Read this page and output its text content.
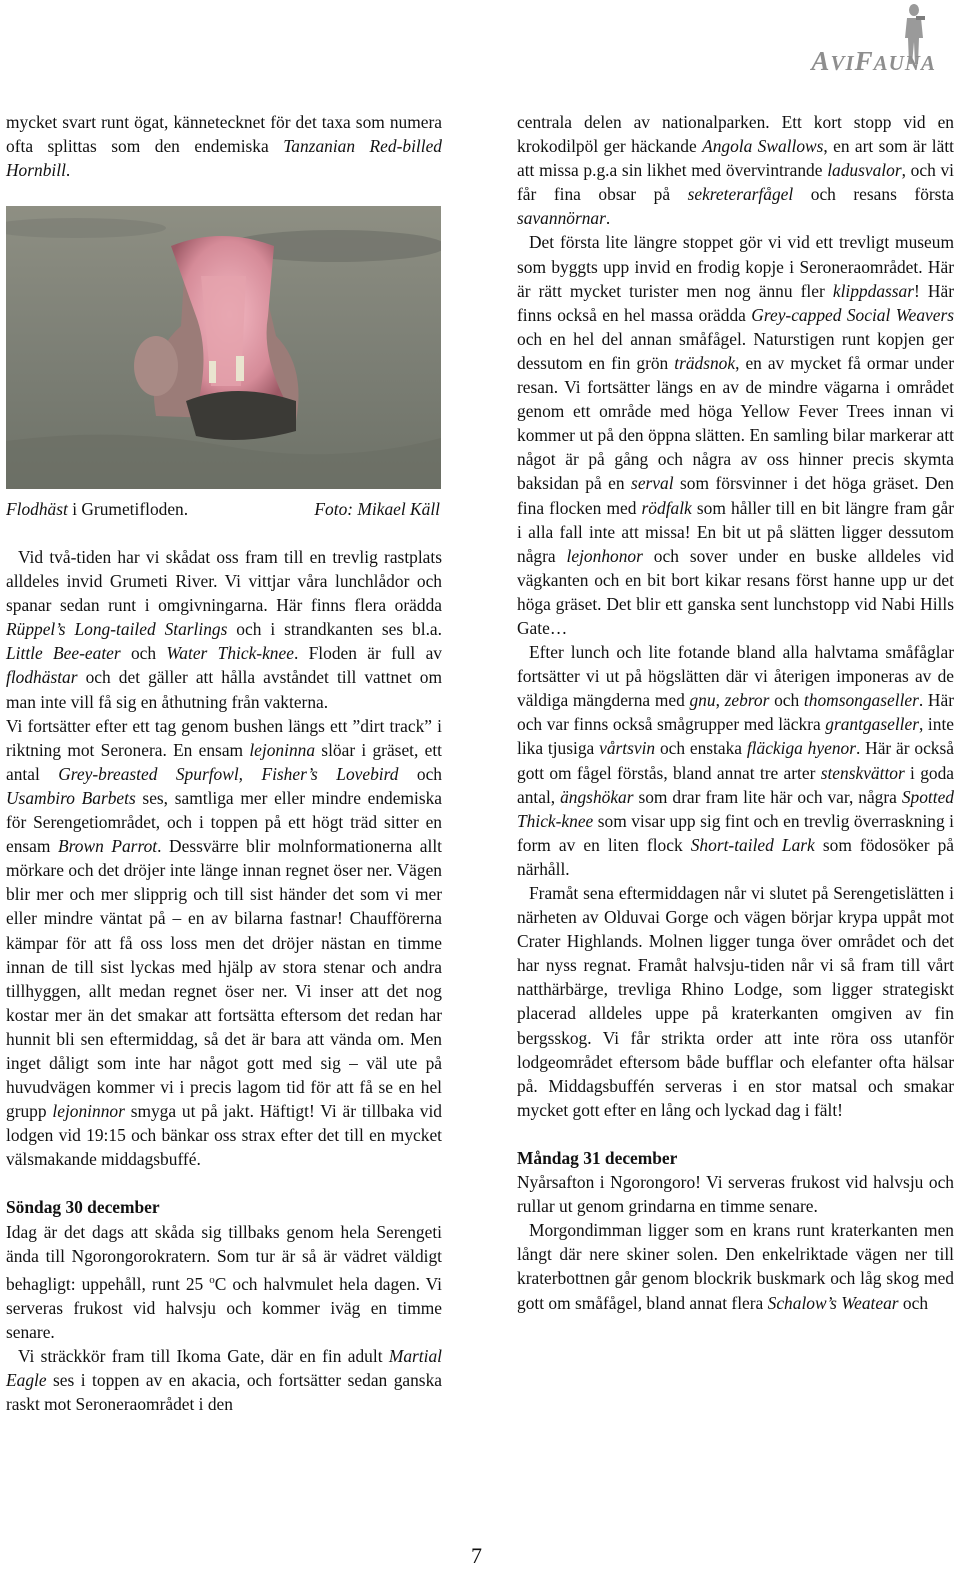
AVIFAUNA

mycket svart runt ögat, kännetecknet för det taxa som numera ofta splittas som den endemiska Tanzanian Red-billed Hornbill.

Flodhäst i Grumetifloden.	Foto: Mikael Käll

Vid två-tiden har vi skådat oss fram till en trevlig rastplats alldeles invid Grumeti River. Vi vittjar våra lunchlådor och spanar sedan runt i omgivningarna. Här finns flera orädda Rüppel’s Long-tailed Starlings och i strandkanten ses bl.a. Little Bee-eater och Water Thick-knee. Floden är full av flodhästar och det gäller att hålla avståndet till vattnet om man inte vill få sig en åthutning från vakterna.

Vi fortsätter efter ett tag genom bushen längs ett ”dirt track” i riktning mot Seronera. En ensam lejoninna slöar i gräset, ett antal Grey-breasted Spurfowl, Fisher’s Lovebird och Usambiro Barbets ses, samtliga mer eller mindre endemiska för Serengetiområdet, och i toppen på ett högt träd sitter en ensam Brown Parrot. Dessvärre blir molnformationerna allt mörkare och det dröjer inte länge innan regnet öser ner. Vägen blir mer och mer slipprig och till sist händer det som vi mer eller mindre väntat på – en av bilarna fastnar! Chaufförerna kämpar för att få oss loss men det dröjer nästan en timme innan de till sist lyckas med hjälp av stora stenar och andra tillhyggen, allt medan regnet öser ner. Vi inser att det nog kostar mer än det smakar att fortsätta eftersom det redan har hunnit bli sen eftermiddag, så det är bara att vända om. Men inget dåligt som inte har något gott med sig – väl ute på huvudvägen kommer vi i precis lagom tid för att få se en hel grupp lejoninnor smyga ut på jakt. Häftigt! Vi är tillbaka vid lodgen vid 19:15 och bänkar oss strax efter det till en mycket välsmakande middagsbuffé.

Söndag 30 december

Idag är det dags att skåda sig tillbaks genom hela Serengeti ända till Ngorongorokratern. Som tur är så är vädret väldigt behagligt: uppehåll, runt 25 $^o$C och halvmulet hela dagen. Vi serveras frukost vid halvsju och kommer iväg en timme senare.

Vi sträckkör fram till Ikoma Gate, där en fin adult Martial Eagle ses i toppen av en akacia, och fortsätter sedan ganska raskt mot Seroneraområdet i den

centrala delen av nationalparken. Ett kort stopp vid en krokodilpöl ger häckande Angola Swallows, en art som är lätt att missa p.g.a sin likhet med övervintrande ladusvalor, och vi får fina obsar på sekreterarfågel och resans första savannörnar.

Det första lite längre stoppet gör vi vid ett trevligt museum som byggts upp invid en frodig kopje i Seroneraområdet. Här är rätt mycket turister men nog ännu fler klippdassar! Här finns också en hel massa orädda Grey-capped Social Weavers och en hel del annan småfågel. Naturstigen runt kopjen ger dessutom en fin grön trädsnok, en av mycket få ormar under resan. Vi fortsätter längs en av de mindre vägarna i området genom ett område med höga Yellow Fever Trees innan vi kommer ut på den öppna slätten. En samling bilar markerar att något är på gång och några av oss hinner precis skymta baksidan på en serval som försvinner i det höga gräset. Den fina flocken med rödfalk som håller till en bit längre fram går i alla fall inte att missa! En bit ut på slätten ligger dessutom några lejonhonor och sover under en buske alldeles vid vägkanten och en bit bort kikar resans först hanne upp ur det höga gräset. Det blir ett ganska sent lunchstopp vid Nabi Hills Gate…

Efter lunch och lite fotande bland alla halvtama småfåglar fortsätter vi ut på högslätten där vi återigen imponeras av de väldiga mängderna med gnu, zebror och thomsongaseller. Här och var finns också smågrupper med läckra grantgaseller, inte lika tjusiga vårtsvin och enstaka fläckiga hyenor. Här är också gott om fågel förstås, bland annat tre arter stenskvättor i goda antal, ängshökar som drar fram lite här och var, några Spotted Thick-knee som visar upp sig fint och en trevlig överraskning i form av en liten flock Short-tailed Lark som födosöker på närhåll.

Framåt sena eftermiddagen når vi slutet på Serengetislätten i närheten av Olduvai Gorge och vägen börjar krypa uppåt mot Crater Highlands. Molnen ligger tunga över området och det har nyss regnat. Framåt halvsju-tiden når vi så fram till vårt natthärbärge, trevliga Rhino Lodge, som ligger strategiskt placerad alldeles uppe på kraterkanten omgiven av fin bergsskog. Vi får strikta order att inte röra oss utanför lodgeområdet eftersom både bufflar och elefanter ofta hälsar på. Middagsbuffén serveras i en stor matsal och smakar mycket gott efter en lång och lyckad dag i fält!

Måndag 31 december

Nyårsafton i Ngorongoro! Vi serveras frukost vid halvsju och rullar ut genom grindarna en timme senare.

Morgondimman ligger som en krans runt kraterkanten men långt där nere skiner solen. Den enkelriktade vägen ner till kraterbottnen går genom blockrik buskmark och låg skog med gott om småfågel, bland annat flera Schalow’s Weatear och

7
